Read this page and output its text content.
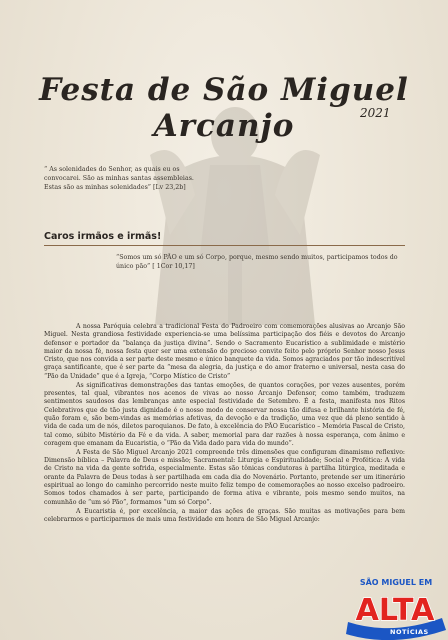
Festa de São Miguel Arcanjo	2021

“ As solenidades do Senhor, as quais eu os convocarei. São as minhas santas assembleias. Estas são as minhas solenidades” [Lv 23,2b]

Caros irmãos e irmãs!

“Somos um só PÃO e um só Corpo, porque, mesmo sendo muitos, participamos todos do único pão” [ 1Cor 10,17]

A nossa Paróquia celebra a tradicional Festa do Padroeiro com comemorações alusivas ao Arcanjo São Miguel. Nesta grandiosa festividade experiencia-se uma belíssima participação dos fiéis e devotos do Arcanjo defensor e portador da “balança da justiça divina”. Sendo o Sacramento Eucarístico a sublimidade e mistério maior da nossa fé, nossa festa quer ser uma extensão do precioso convite feito pelo próprio Senhor nosso Jesus Cristo, que nos convida a ser parte deste mesmo e único banquete da vida. Somos agraciados por tão indescritível graça santificante, que é ser parte da “mesa da alegria, da justiça e do amor fraterno e universal, nesta casa do “Pão da Unidade” que é a Igreja, “Corpo Místico de Cristo”

As significativas demonstrações das tantas emoções, de quantos corações, por vezes ausentes, porém presentes, tal qual, vibrantes nos acenos de vivas ao nosso Arcanjo Defensor, como também, traduzem sentimentos saudosos das lembranças ante especial festividade de Setembro. É a festa, manifesta nos Ritos Celebrativos que de tão justa dignidade é o nosso modo de conservar nossa tão difusa e brilhante história de fé, quão foram e, são bem-vindas as memórias afetivas, da devoção e da tradição, uma vez que dá pleno sentido à vida de cada um de nós, diletos paroquianos. De fato, à excelência do PÃO Eucarístico – Memória Pascal de Cristo, tal como, súbito Mistério da Fé e da vida. A saber, memorial para dar razões à nossa esperança, com ânimo e coragem que emanam da Eucaristia, o “Pão da Vida dado para vida do mundo”.

A Festa de São Miguel Arcanjo 2021 compreende três dimensões que configuram dinamismo reflexivo: Dimensão bíblica – Palavra de Deus e missão; Sacramental: Liturgia e Espiritualidade; Social e Profética: A vida de Cristo na vida da gente sofrida, especialmente. Estas são tônicas condutoras à partilha litúrgica, meditada e orante da Palavra de Deus todas à ser partilhada em cada dia do Novenário. Portanto, pretende ser um itinerário espiritual ao longo do caminho percorrido neste muito feliz tempo de comemorações ao nosso excelso padroeiro. Somos todos chamados à ser parte, participando de forma ativa e vibrante, pois mesmo sendo muitos, na comunhão de “um só Pão”, formamos “um só Corpo”.

A Eucaristia é, por excelência, a maior das ações de graças. São muitas as motivações para bem celebrarmos e participarmos de mais uma festividade em honra de São Miguel Arcanjo:

ALTA

SÃO MIGUEL EM

NOTÍCIAS
